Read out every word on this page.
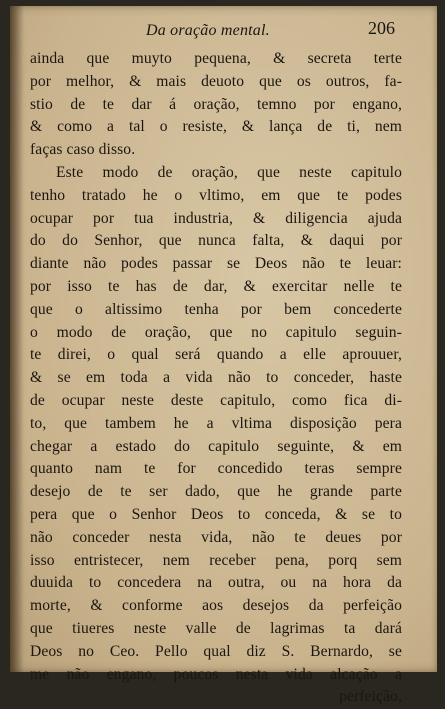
Da oração mental.	206
ainda que muyto pequena, & secreta terte
por melhor, & mais deuoto que os outros, fa-
stio de te dar á oração, temno por engano,
& como a tal o resiste, & lança de ti, nem
faças caso disso.
Este modo de oração, que neste capitulo
tenho tratado he o vltimo, em que te podes
ocupar por tua industria, & diligencia ajuda
do do Senhor, que nunca falta, & daqui por
diante não podes passar se Deos não te leuar:
por isso te has de dar, & exercitar nelle te
que o altissimo tenha por bem concederte
o modo de oração, que no capitulo seguin-
te direi, o qual será quando a elle aprouuer,
& se em toda a vida não to conceder, haste
de ocupar neste deste capitulo, como fica di-
to, que tambem he a vltima disposição pera
chegar a estado do capitulo seguinte, & em
quanto nam te for concedido teras sempre
desejo de te ser dado, que he grande parte
pera que o Senhor Deos to conceda, & se to
não conceder nesta vida, não te deues por
isso entristecer, nem receber pena, porq sem
duuida to concedera na outra, ou na hora da
morte, & conforme aos desejos da perfeição
que tiueres neste valle de lagrimas ta dará
Deos no Ceo. Pello qual diz S. Bernardo, se
me não engano, poucos nesta vida alcação a
perfeição,
